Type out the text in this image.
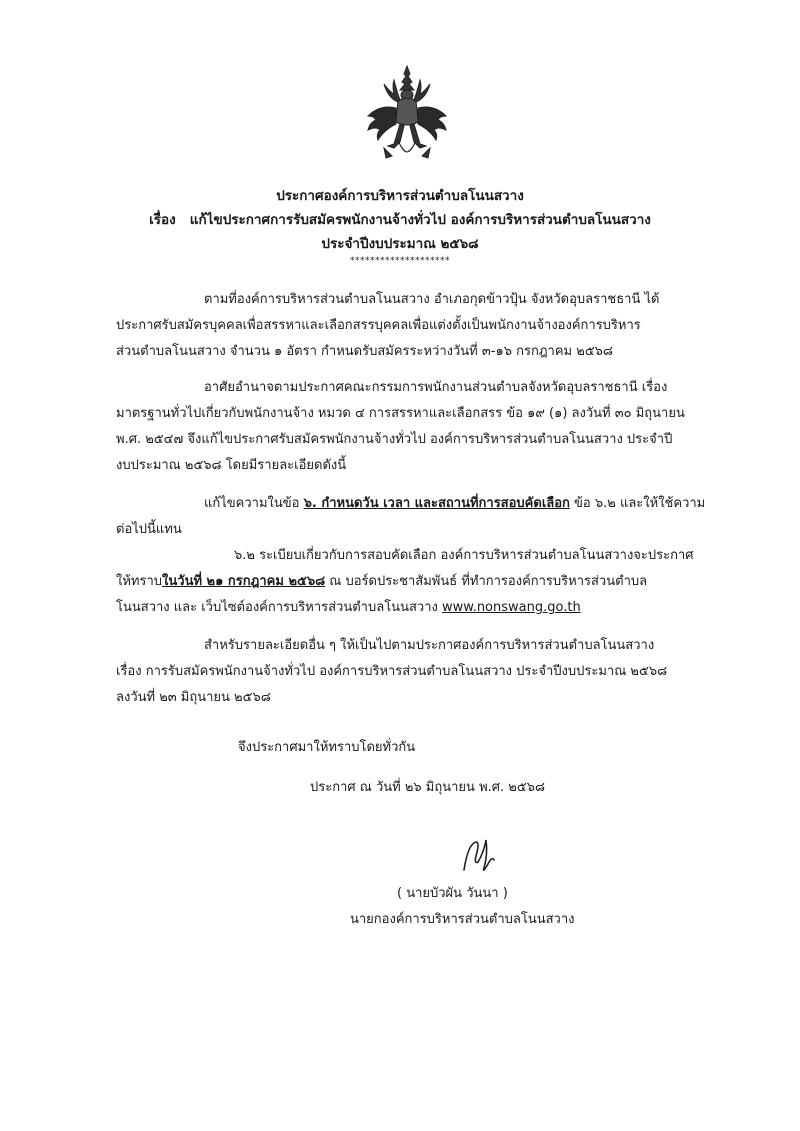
ประกาศองค์การบริหารส่วนตำบลโนนสวาง
เรื่อง แก้ไขประกาศการรับสมัครพนักงานจ้างทั่วไป องค์การบริหารส่วนตำบลโนนสวาง
ประจำปีงบประมาณ ๒๕๖๘
********************
ตามที่องค์การบริหารส่วนตำบลโนนสวาง อำเภอกุดข้าวปุ้น จังหวัดอุบลราชธานี ได้
ประกาศรับสมัครบุคคลเพื่อสรรหาและเลือกสรรบุคคลเพื่อแต่งตั้งเป็นพนักงานจ้างองค์การบริหาร
ส่วนตำบลโนนสวาง จำนวน ๑ อัตรา กำหนดรับสมัครระหว่างวันที่ ๓-๑๖ กรกฎาคม ๒๕๖๘
อาศัยอำนาจตามประกาศคณะกรรมการพนักงานส่วนตำบลจังหวัดอุบลราชธานี เรื่อง
มาตรฐานทั่วไปเกี่ยวกับพนักงานจ้าง หมวด ๔ การสรรหาและเลือกสรร ข้อ ๑๙ (๑) ลงวันที่ ๓๐ มิถุนายน
พ.ศ. ๒๕๔๗ จึงแก้ไขประกาศรับสมัครพนักงานจ้างทั่วไป องค์การบริหารส่วนตำบลโนนสวาง ประจำปี
งบประมาณ ๒๕๖๘ โดยมีรายละเอียดดังนี้
แก้ไขความในข้อ ๖. กำหนดวัน เวลา และสถานที่การสอบคัดเลือก ข้อ ๖.๒ และให้ใช้ความ
ต่อไปนี้แทน
๖.๒ ระเบียบเกี่ยวกับการสอบคัดเลือก องค์การบริหารส่วนตำบลโนนสวางจะประกาศ
ให้ทราบในวันที่ ๒๑ กรกฎาคม ๒๕๖๘ ณ บอร์ดประชาสัมพันธ์ ที่ทำการองค์การบริหารส่วนตำบล
โนนสวาง และ เว็บไซต์องค์การบริหารส่วนตำบลโนนสวาง www.nonswang.go.th
สำหรับรายละเอียดอื่น ๆ ให้เป็นไปตามประกาศองค์การบริหารส่วนตำบลโนนสวาง
เรื่อง การรับสมัครพนักงานจ้างทั่วไป องค์การบริหารส่วนตำบลโนนสวาง ประจำปีงบประมาณ ๒๕๖๘
ลงวันที่ ๒๓ มิถุนายน ๒๕๖๘
จึงประกาศมาให้ทราบโดยทั่วกัน
ประกาศ ณ วันที่ ๒๖ มิถุนายน พ.ศ. ๒๕๖๘
( นายบัวผัน วันนา )
นายกองค์การบริหารส่วนตำบลโนนสวาง
